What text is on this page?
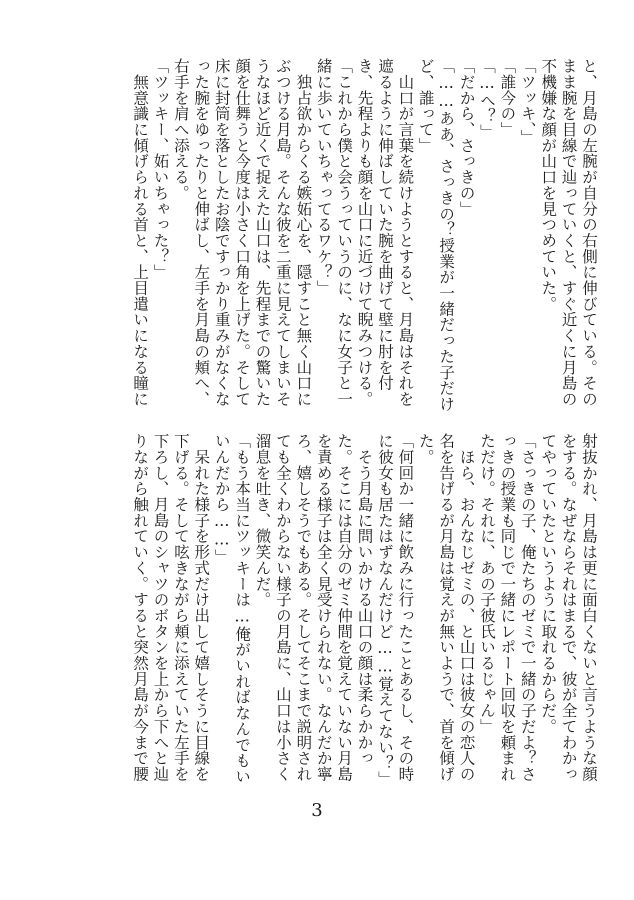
と、月島の左腕が自分の右側に伸びている。その
まま腕を目線で辿っていくと、すぐ近くに月島の
不機嫌な顔が山口を見つめていた。
「ツッキ、」
「誰今の」
「…へ？」
「だから、さっきの」
「……ああ、さっきの？授業が一緒だった子だけ
ど、誰って」
　山口が言葉を続けようとすると、月島はそれを
遮るように伸ばしていた腕を曲げて壁に肘を付
き、先程よりも顔を山口に近づけて睨みつける。
「これから僕と会うっていうのに、なに女子と一
緒に歩いていちゃってるワケ？」
　独占欲からくる嫉妬心を、隠すこと無く山口に
ぶつける月島。そんな彼を二重に見えてしまいそ
うなほど近くで捉えた山口は、先程までの驚いた
顔を仕舞うと今度は小さく口角を上げた。そして
床に封筒を落としたお陰ですっかり重みがなくな
った腕をゆったりと伸ばし、左手を月島の頬へ、
右手を肩へ添える。
「ツッキー、妬いちゃった？」
　無意識に傾げられる首と、上目遣いになる瞳に
射抜かれ、月島は更に面白くないと言うような顔
をする。なぜならそれはまるで、彼が全てわかっ
てやっていたというように取れるからだ。
「さっきの子、俺たちのゼミで一緒の子だよ？さ
っきの授業も同じで一緒にレポート回収を頼まれ
ただけ。それに、あの子彼氏いるじゃん」
　ほら、おんなじゼミの、と山口は彼女の恋人の
名を告げるが月島は覚えが無いようで、首を傾げ
た。
「何回か一緒に飲みに行ったことあるし、その時
に彼女も居たはずなんだけど……覚えてない？」
　そう月島に問いかける山口の顔は柔らかかっ
た。そこには自分のゼミ仲間を覚えていない月島
を責める様子は全く見受けられない。なんだか寧
ろ、嬉しそうでもある。そしてそこまで説明され
ても全くわからない様子の月島に、山口は小さく
溜息を吐き、微笑んだ。
「もう本当にツッキーは…俺がいればなんでもい
いんだから……」
　呆れた様子を形式だけ出して嬉しそうに目線を
下げる。そして呟きながら頬に添えていた左手を
下ろし、月島のシャツのボタンを上から下へと辿
りながら触れていく。すると突然月島が今まで腰
3
